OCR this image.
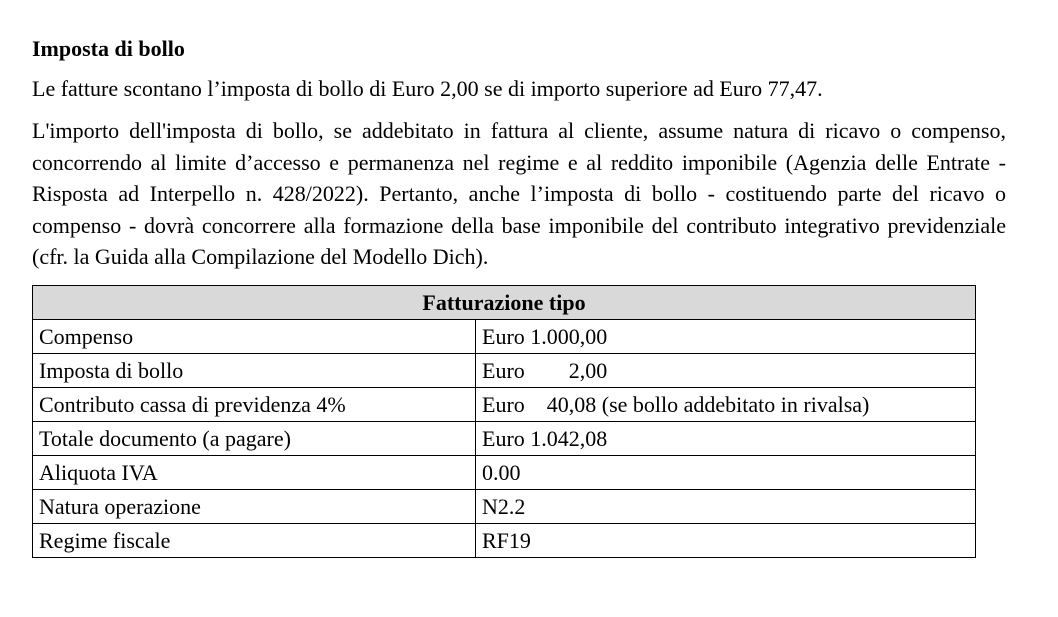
Imposta di bollo

Le fatture scontano l’imposta di bollo di Euro 2,00 se di importo superiore ad Euro 77,47.

L'importo dell'imposta di bollo, se addebitato in fattura al cliente, assume natura di ricavo o compenso, concorrendo al limite d’accesso e permanenza nel regime e al reddito imponibile (Agenzia delle Entrate - Risposta ad Interpello n. 428/2022). Pertanto, anche l’imposta di bollo - costituendo parte del ricavo o compenso - dovrà concorrere alla formazione della base imponibile del contributo integrativo previdenziale (cfr. la Guida alla Compilazione del Modello Dich).

Fatturazione tipo	
Compenso	Euro 1.000,00
Imposta di bollo	Euro 2,00
Contributo cassa di previdenza 4%	Euro 40,08 (se bollo addebitato in rivalsa)
Totale documento (a pagare)	Euro 1.042,08
Aliquota IVA	0.00
Natura operazione	N2.2
Regime fiscale	RF19
